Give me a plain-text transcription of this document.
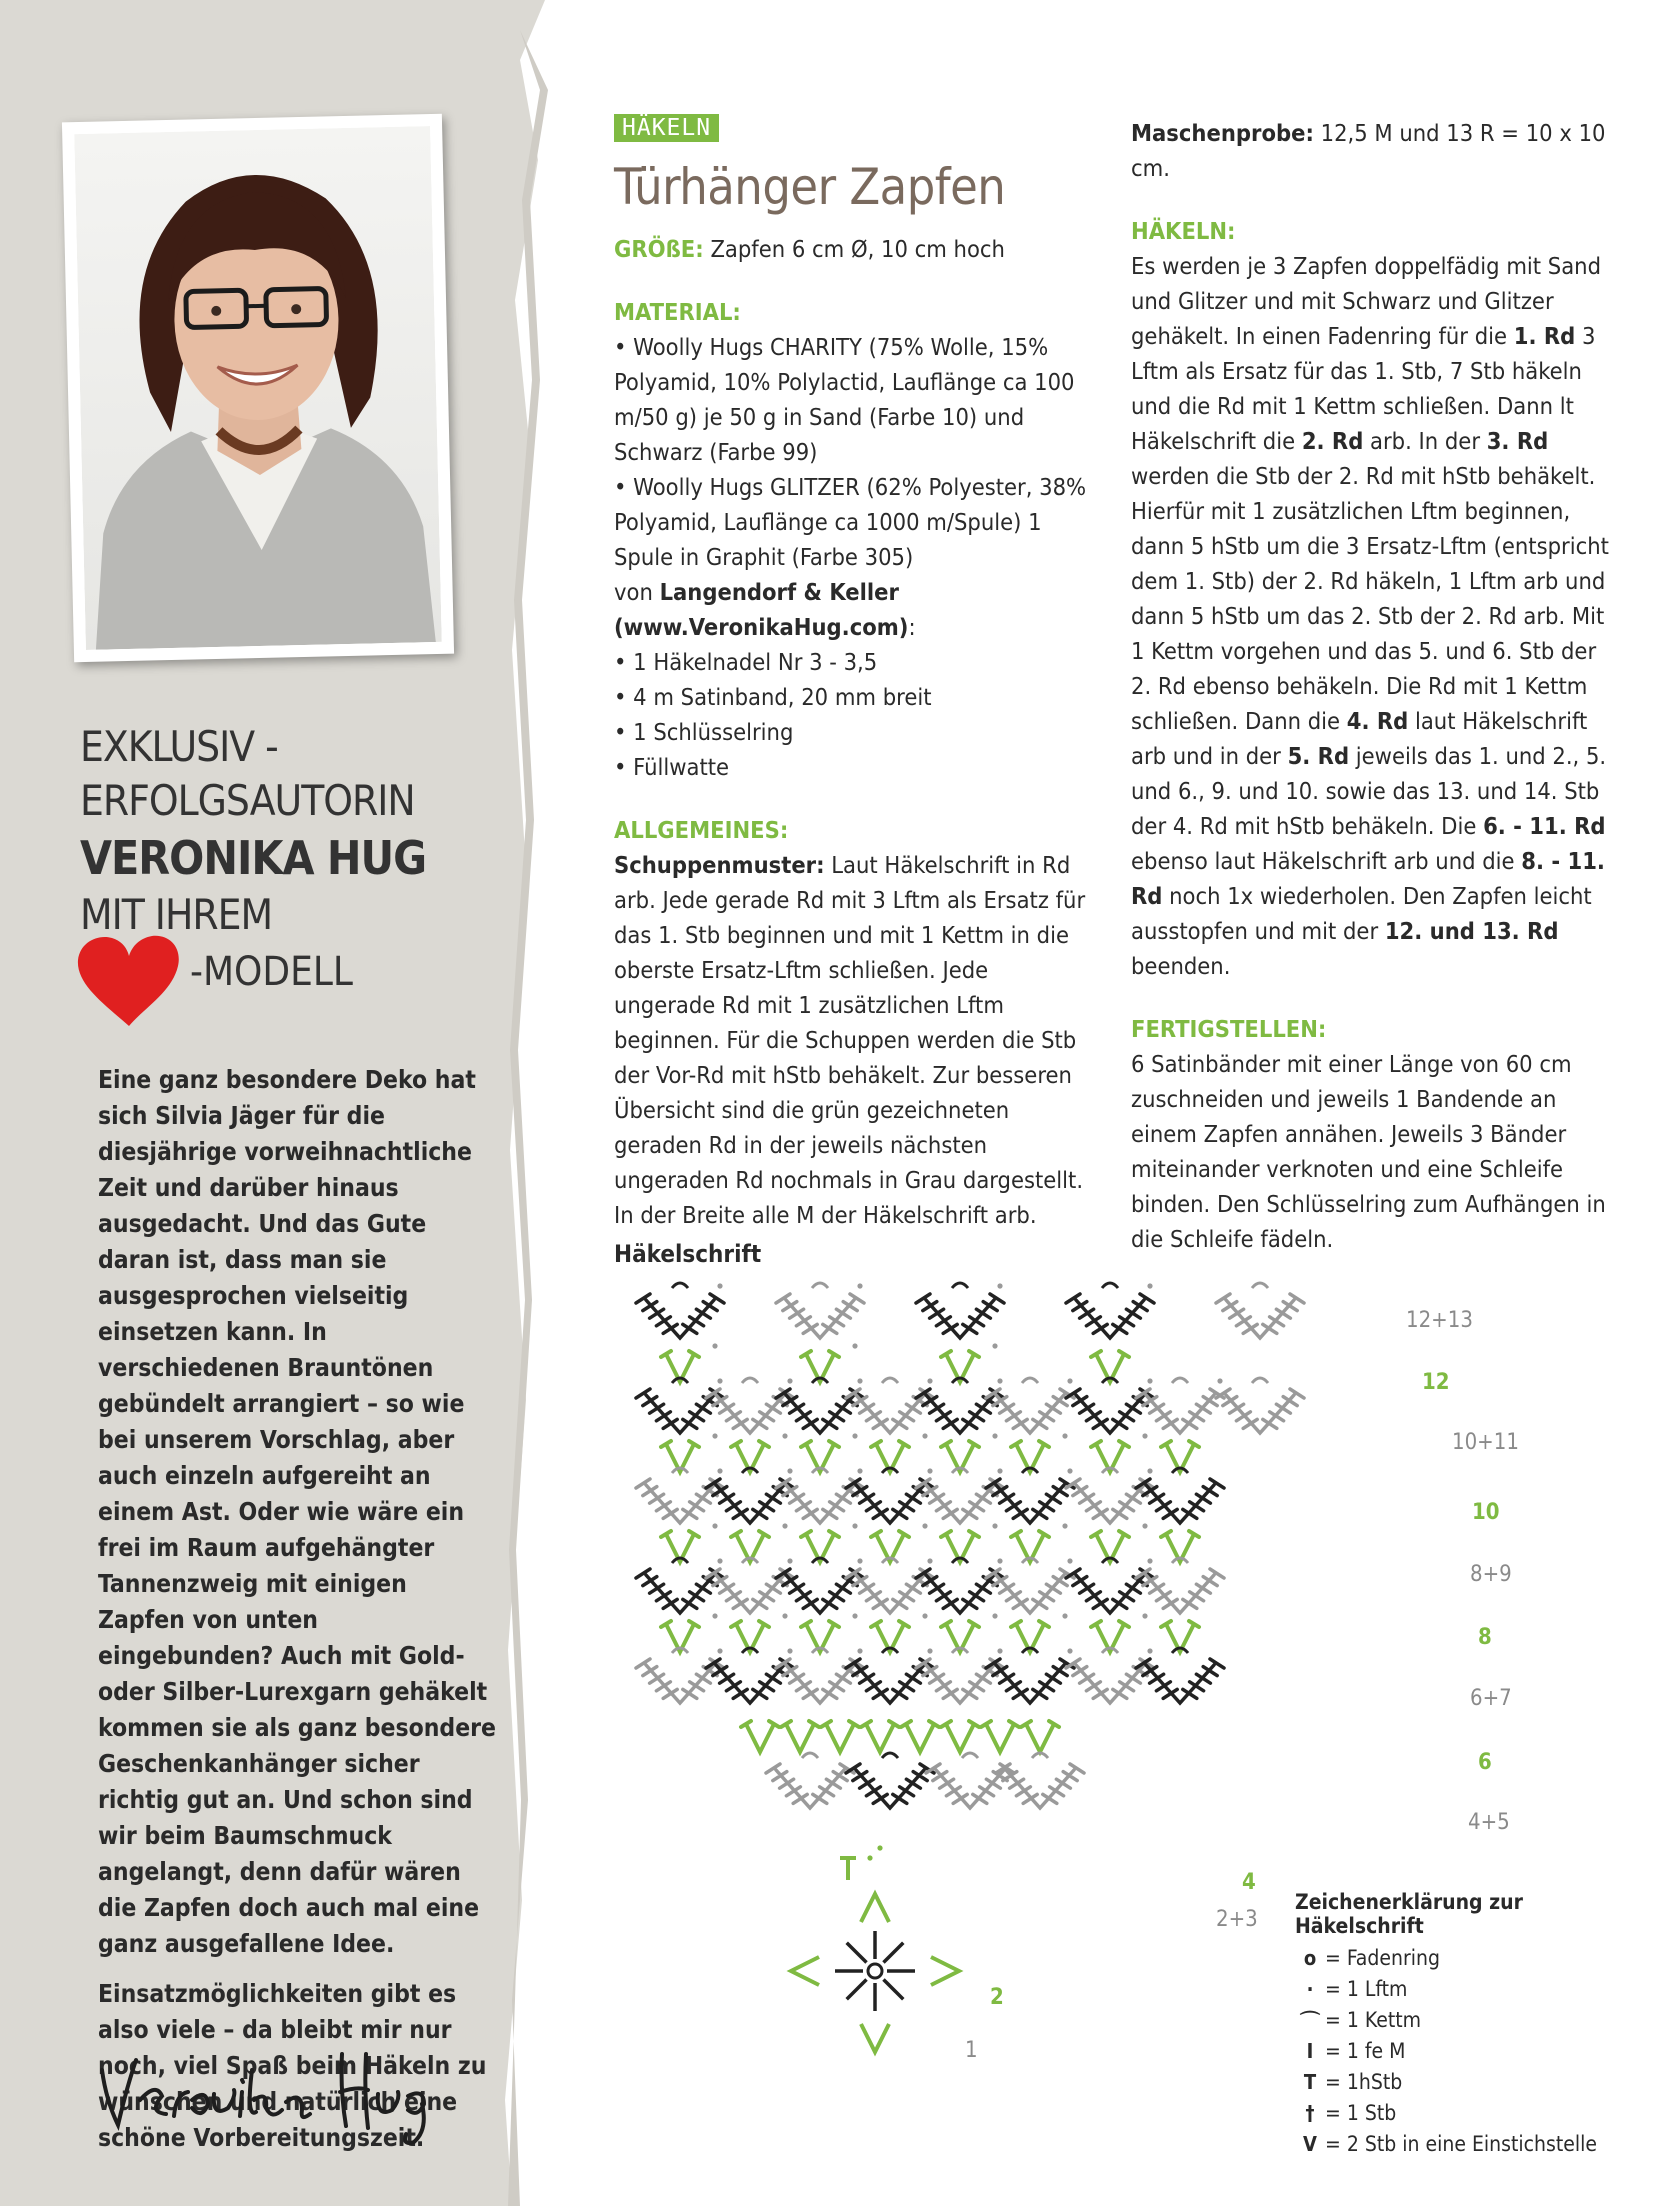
EXKLUSIV -
ERFOLGSAUTORIN
VERONIKA HUG
MIT IHREM
-MODELL

Eine ganz besondere Deko hat sich Silvia Jäger für die diesjährige vorweihnachtliche Zeit und darüber hinaus ausgedacht. Und das Gute daran ist, dass man sie ausgesprochen vielseitig einsetzen kann. In verschiedenen Brauntönen gebündelt arrangiert – so wie bei unserem Vorschlag, aber auch einzeln aufgereiht an einem Ast. Oder wie wäre ein frei im Raum aufgehängter Tannenzweig mit einigen Zapfen von unten eingebunden? Auch mit Gold- oder Silber-Lurexgarn gehäkelt kommen sie als ganz besondere Geschenkanhänger sicher richtig gut an. Und schon sind wir beim Baumschmuck angelangt, denn dafür wären die Zapfen doch auch mal eine ganz ausgefallene Idee.

Einsatzmöglichkeiten gibt es also viele – da bleibt mir nur noch, viel Spaß beim Häkeln zu wünschen und natürlich eine schöne Vorbereitungszeit.

HÄKELN
Türhänger Zapfen

GRÖßE: Zapfen 6 cm Ø, 10 cm hoch

MATERIAL:

• Woolly Hugs CHARITY (75% Wolle, 15% Polyamid, 10% Polylactid, Lauflänge ca 100 m/50 g) je 50 g in Sand (Farbe 10) und Schwarz (Farbe 99)

• Woolly Hugs GLITZER (62% Polyester, 38% Polyamid, Lauflänge ca 1000 m/Spule) 1 Spule in Graphit (Farbe 305)

von Langendorf & Keller

(www.VeronikaHug.com):

• 1 Häkelnadel Nr 3 - 3,5

• 4 m Satinband, 20 mm breit

• 1 Schlüsselring

• Füllwatte

ALLGEMEINES:

Schuppenmuster: Laut Häkelschrift in Rd arb. Jede gerade Rd mit 3 Lftm als Ersatz für das 1. Stb beginnen und mit 1 Kettm in die oberste Ersatz-Lftm schließen. Jede ungerade Rd mit 1 zusätzlichen Lftm beginnen. Für die Schuppen werden die Stb der Vor-Rd mit hStb behäkelt. Zur besseren Übersicht sind die grün gezeichneten geraden Rd in der jeweils nächsten ungeraden Rd nochmals in Grau dargestellt. In der Breite alle M der Häkelschrift arb.

Maschenprobe: 12,5 M und 13 R = 10 x 10 cm.

HÄKELN:

Es werden je 3 Zapfen doppelfädig mit Sand und Glitzer und mit Schwarz und Glitzer gehäkelt. In einen Fadenring für die 1. Rd 3 Lftm als Ersatz für das 1. Stb, 7 Stb häkeln und die Rd mit 1 Kettm schließen. Dann lt Häkelschrift die 2. Rd arb. In der 3. Rd werden die Stb der 2. Rd mit hStb behäkelt. Hierfür mit 1 zusätzlichen Lftm beginnen, dann 5 hStb um die 3 Ersatz-Lftm (entspricht dem 1. Stb) der 2. Rd häkeln, 1 Lftm arb und dann 5 hStb um das 2. Stb der 2. Rd arb. Mit 1 Kettm vorgehen und das 5. und 6. Stb der 2. Rd ebenso behäkeln. Die Rd mit 1 Kettm schließen. Dann die 4. Rd laut Häkelschrift arb und in der 5. Rd jeweils das 1. und 2., 5. und 6., 9. und 10. sowie das 13. und 14. Stb der 4. Rd mit hStb behäkeln. Die 6. - 11. Rd ebenso laut Häkelschrift arb und die 8. - 11. Rd noch 1x wiederholen. Den Zapfen leicht ausstopfen und mit der 12. und 13. Rd beenden.

FERTIGSTELLEN:

6 Satinbänder mit einer Länge von 60 cm zuschneiden und jeweils 1 Bandende an einem Zapfen annähen. Jeweils 3 Bänder miteinander verknoten und eine Schleife binden. Den Schlüsselring zum Aufhängen in die Schleife fädeln.

Häkelschrift
12+13
12
10+11
10
8+9
8
6+7
6
4+5
4
2+3
2
1
Zeichenerklärung zur Häkelschrift
o = Fadenring
· = 1 Lftm
⌒ = 1 Kettm
I = 1 fe M
T = 1hStb
† = 1 Stb
V = 2 Stb in eine Einstichstelle
